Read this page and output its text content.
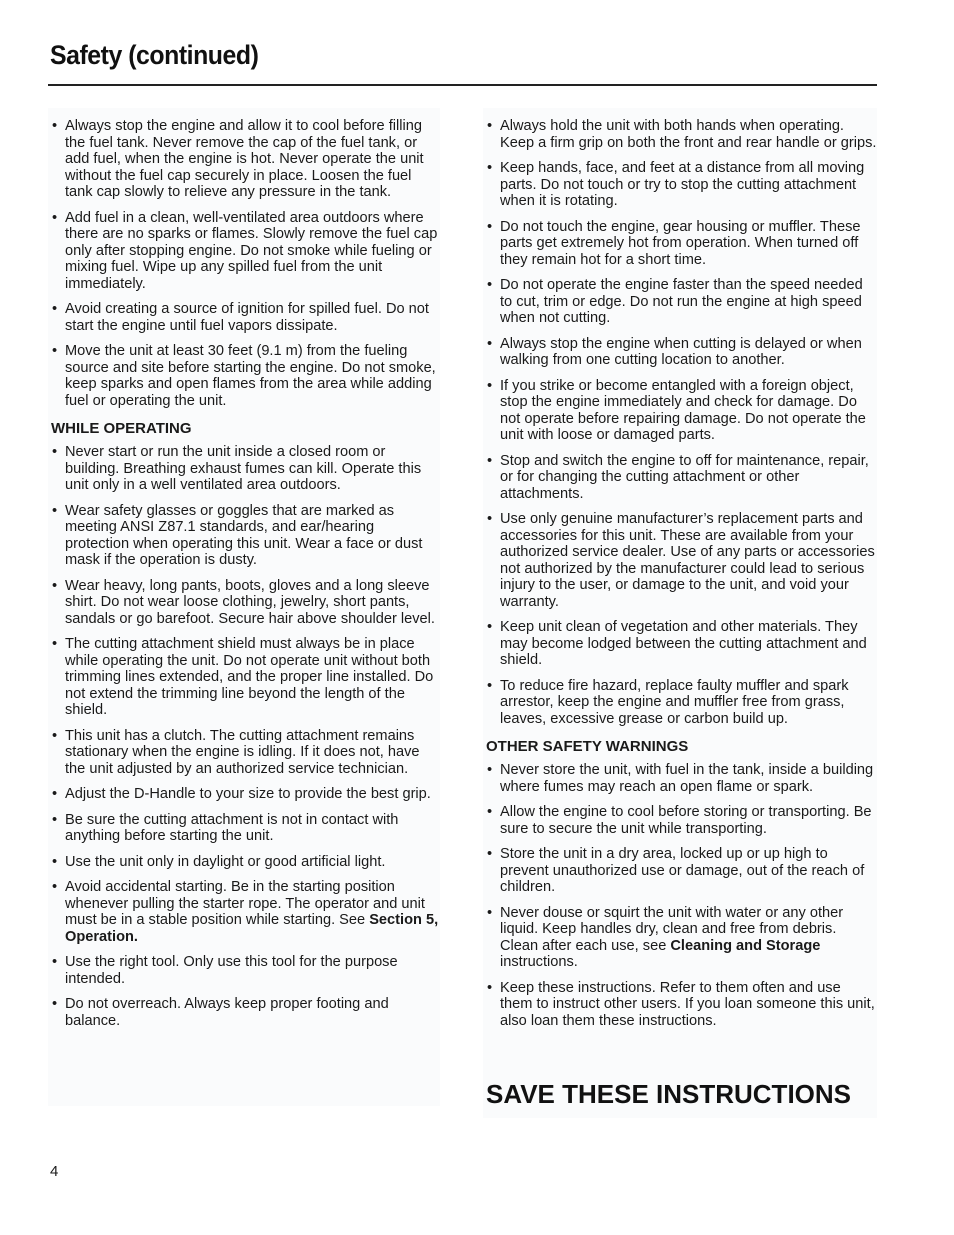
Safety (continued)
• Always stop the engine and allow it to cool before filling the fuel tank. Never remove the cap of the fuel tank, or add fuel, when the engine is hot. Never operate the unit without the fuel cap securely in place. Loosen the fuel tank cap slowly to relieve any pressure in the tank.
• Add fuel in a clean, well-ventilated area outdoors where there are no sparks or flames. Slowly remove the fuel cap only after stopping engine. Do not smoke while fueling or mixing fuel. Wipe up any spilled fuel from the unit immediately.
• Avoid creating a source of ignition for spilled fuel. Do not start the engine until fuel vapors dissipate.
• Move the unit at least 30 feet (9.1 m) from the fueling source and site before starting the engine. Do not smoke, keep sparks and open flames from the area while adding fuel or operating the unit.
WHILE OPERATING
• Never start or run the unit inside a closed room or building. Breathing exhaust fumes can kill. Operate this unit only in a well ventilated area outdoors.
• Wear safety glasses or goggles that are marked as meeting ANSI Z87.1 standards, and ear/hearing protection when operating this unit. Wear a face or dust mask if the operation is dusty.
• Wear heavy, long pants, boots, gloves and a long sleeve shirt. Do not wear loose clothing, jewelry, short pants, sandals or go barefoot. Secure hair above shoulder level.
• The cutting attachment shield must always be in place while operating the unit. Do not operate unit without both trimming lines extended, and the proper line installed. Do not extend the trimming line beyond the length of the shield.
• This unit has a clutch. The cutting attachment remains stationary when the engine is idling. If it does not, have the unit adjusted by an authorized service technician.
• Adjust the D-Handle to your size to provide the best grip.
• Be sure the cutting attachment is not in contact with anything before starting the unit.
• Use the unit only in daylight or good artificial light.
• Avoid accidental starting. Be in the starting position whenever pulling the starter rope. The operator and unit must be in a stable position while starting. See Section 5, Operation.
• Use the right tool. Only use this tool for the purpose intended.
• Do not overreach. Always keep proper footing and balance.
• Always hold the unit with both hands when operating. Keep a firm grip on both the front and rear handle or grips.
• Keep hands, face, and feet at a distance from all moving parts. Do not touch or try to stop the cutting attachment when it is rotating.
• Do not touch the engine, gear housing or muffler. These parts get extremely hot from operation. When turned off they remain hot for a short time.
• Do not operate the engine faster than the speed needed to cut, trim or edge. Do not run the engine at high speed when not cutting.
• Always stop the engine when cutting is delayed or when walking from one cutting location to another.
• If you strike or become entangled with a foreign object, stop the engine immediately and check for damage. Do not operate before repairing damage. Do not operate the unit with loose or damaged parts.
• Stop and switch the engine to off for maintenance, repair, or for changing the cutting attachment or other attachments.
• Use only genuine manufacturer’s replacement parts and accessories for this unit. These are available from your authorized service dealer. Use of any parts or accessories not authorized by the manufacturer could lead to serious injury to the user, or damage to the unit, and void your warranty.
• Keep unit clean of vegetation and other materials. They may become lodged between the cutting attachment and shield.
• To reduce fire hazard, replace faulty muffler and spark arrestor, keep the engine and muffler free from grass, leaves, excessive grease or carbon build up.
OTHER SAFETY WARNINGS
• Never store the unit, with fuel in the tank, inside a building where fumes may reach an open flame or spark.
• Allow the engine to cool before storing or transporting. Be sure to secure the unit while transporting.
• Store the unit in a dry area, locked up or up high to prevent unauthorized use or damage, out of the reach of children.
• Never douse or squirt the unit with water or any other liquid. Keep handles dry, clean and free from debris. Clean after each use, see Cleaning and Storage instructions.
• Keep these instructions. Refer to them often and use them to instruct other users. If you loan someone this unit, also loan them these instructions.
SAVE THESE INSTRUCTIONS
4
